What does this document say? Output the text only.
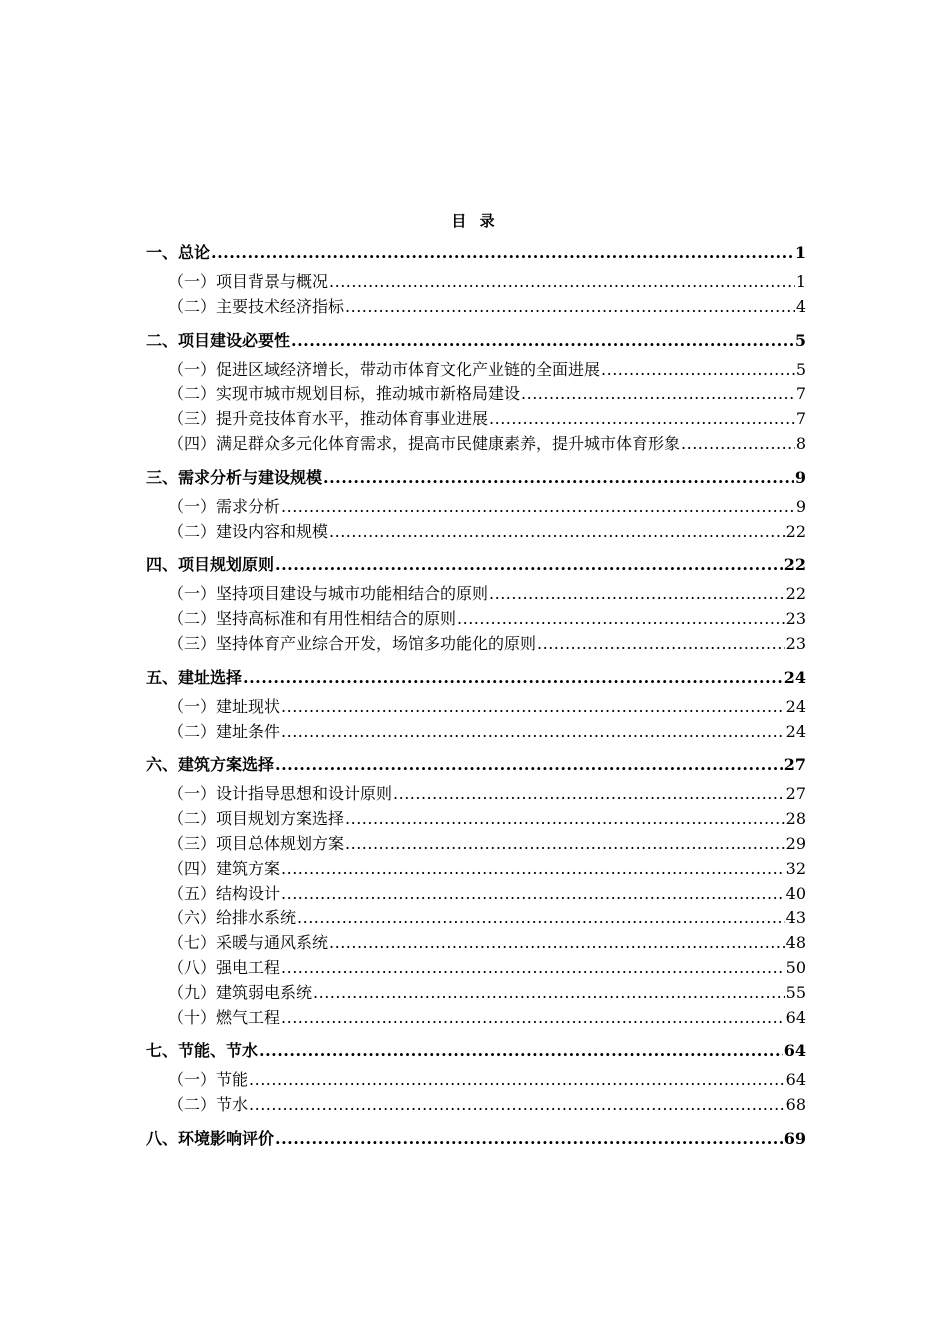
目 录
一、总论 .....	1
（一）项目背景与概况 .....	1
（二）主要技术经济指标 .....	4
二、项目建设必要性 .....	5
（一）促进区域经济增长，带动市体育文化产业链的全面进展 .....	5
（二）实现市城市规划目标，推动城市新格局建设 .....	7
（三）提升竞技体育水平，推动体育事业进展 .....	7
（四）满足群众多元化体育需求，提高市民健康素养，提升城市体育形象 .....	8
三、需求分析与建设规模 .....	9
（一）需求分析 .....	9
（二）建设内容和规模 .....	22
四、项目规划原则 .....	22
（一）坚持项目建设与城市功能相结合的原则 .....	22
（二）坚持高标准和有用性相结合的原则 .....	23
（三）坚持体育产业综合开发，场馆多功能化的原则 .....	23
五、建址选择 .....	24
（一）建址现状 .....	24
（二）建址条件 .....	24
六、建筑方案选择 .....	27
（一）设计指导思想和设计原则 .....	27
（二）项目规划方案选择 .....	28
（三）项目总体规划方案 .....	29
（四）建筑方案 .....	32
（五）结构设计 .....	40
（六）给排水系统 .....	43
（七）采暖与通风系统 .....	48
（八）强电工程 .....	50
（九）建筑弱电系统 .....	55
（十）燃气工程 .....	64
七、节能、节水 .....	64
（一）节能 .....	64
（二）节水 .....	68
八、环境影响评价 .....	69
